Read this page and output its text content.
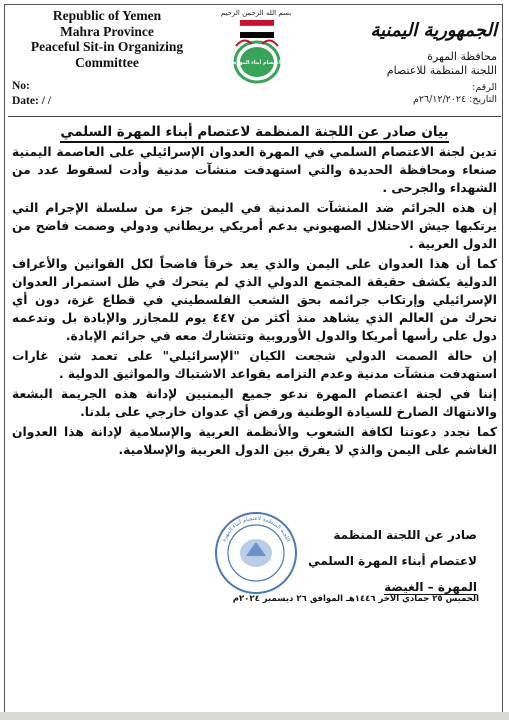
Republic of Yemen
Mahra Province
Peaceful Sit-in Organizing
Committee
No:
Date: / /
بسم الله الرحمن الرحيم
اعتصام أبناء المهرة
الجمهورية اليمنية
محافظة المهرة
اللجنة المنظمة للاعتصام
الرقم:
التاريخ: ٢٦/١٢/٢٠٢٤م
بيان صادر عن اللجنة المنظمة لاعتصام أبناء المهرة السلمي

تدين لجنة الاعتصام السلمي في المهرة العدوان الإسرائيلي على العاصمة اليمنية صنعاء ومحافظة الحديدة والتي استهدفت منشآت مدنية وأدت لسقوط عدد من الشهداء والجرحى .

إن هذه الجرائم ضد المنشآت المدنية في اليمن جزء من سلسلة الإجرام التي يرتكبها جيش الاحتلال الصهيوني بدعم أمريكي بريطاني ودولي وصمت فاضح من الدول العربية .

كما أن هذا العدوان على اليمن والذي يعد خرقاً فاضحاً لكل القوانين والأعراف الدولية يكشف حقيقة المجتمع الدولي الذي لم يتحرك في ظل استمرار العدوان الإسرائيلي وإرتكاب جرائمه بحق الشعب الفلسطيني في قطاع غزة، دون أي تحرك من العالم الذي يشاهد منذ أكثر من ٤٤٧ يوم للمجازر والإبادة بل وتدعمه دول على رأسها أمريكا والدول الأوروبية وتتشارك معه في جرائم الإبادة.

إن حالة الصمت الدولي شجعت الكيان "الإسرائيلي" على تعمد شن غارات استهدفت منشآت مدنية وعدم التزامه بقواعد الاشتباك والمواثيق الدولية .

إننا في لجنة اعتصام المهرة ندعو جميع اليمنيين لإدانة هذه الجريمة البشعة والانتهاك الصارخ للسيادة الوطنية ورفض أي عدوان خارجي على بلدنا.

كما نجدد دعوتنا لكافة الشعوب والأنظمة العربية والإسلامية لإدانة هذا العدوان الغاشم على اليمن والذي لا يفرق بين الدول العربية والإسلامية.

اللجنة المنظمة لاعتصام أبناء المهرة	صادر عن اللجنة المنظمة
لاعتصام أبناء المهرة السلمي
المهرة – الغيضة
الخميس ٢٥ جمادي الآخر ١٤٤٦هـ الموافق ٢٦ ديسمبر ٢٠٢٤م
